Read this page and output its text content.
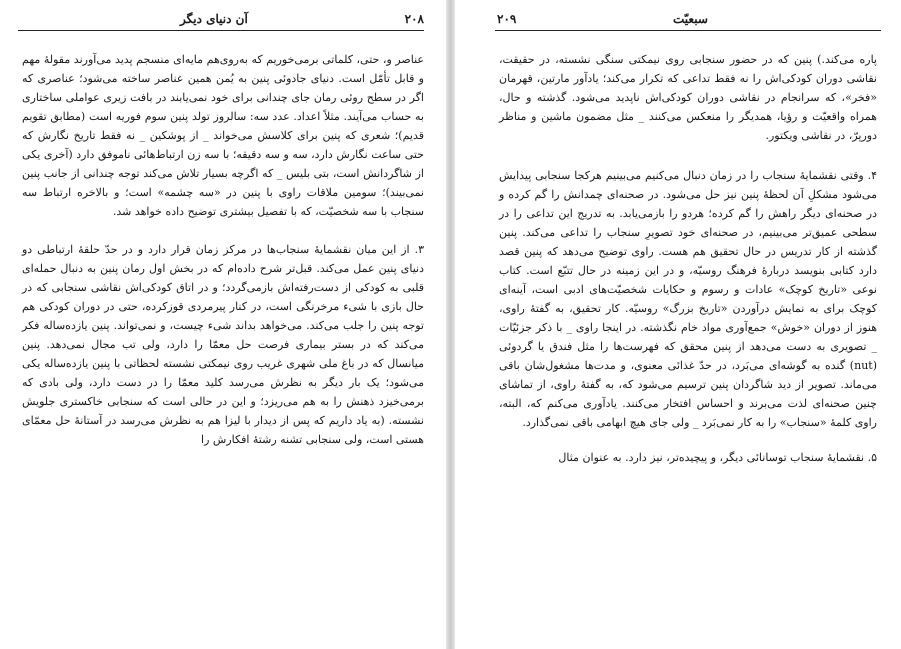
آن دنیای دیگر	۲۰۸

عناصر و، حتی، کلماتی برمی‌خوریم که به‌روی‌هم مایه‌ای منسجم پدید می‌آورند مقولهٔ مهم و قابل تأمّل است. دنیای جادوئی پنین به یُمن همین عناصر ساخته می‌شود؛ عناصری که اگر در سطح روئی رمان جای چندانی برای خود نمی‌یابند در بافت زیری عواملی ساختاری به حساب می‌آیند. مثلاً اعداد. عدد سه: سالروز تولد پنین سوم فوریه است (مطابق تقویم قدیم)؛ شعری که پنین برای کلاسش می‌خواند _ از پوشکین _ نه فقط تاریخ نگارش که حتی ساعت نگارش دارد، سه و سه دقیقه؛ با سه زن ارتباط‌هائی ناموفق دارد (آخری یکی از شاگردانش است، بتی بلیس _ که اگرچه بسیار تلاش می‌کند توجه چندانی از جانب پنین نمی‌بیند)؛ سومین ملاقات راوی با پنین در «سه چشمه» است؛ و بالاخره ارتباط سه سنجاب با سه شخصیّت، که با تفصیل بیشتری توضیح داده خواهد شد.

۳. از این میان نقشمایهٔ سنجاب‌ها در مرکز زمان قرار دارد و در حدّ حلقهٔ ارتباطی دو دنیای پنین عمل می‌کند. قبل‌تر شرح داده‌ام که در بخش اول رمان پنین به دنبال حمله‌ای قلبی به کودکی از دست‌رفته‌اش بازمی‌گردد؛ و در اتاق کودکی‌اش نقاشی سنجابی که در حال بازی با شیء مرخرنگی است، در کنار پیرمردی قوزکرده، حتی در دوران کودکی هم توجه پنین را جلب می‌کند. می‌خواهد بداند شیء چیست، و نمی‌تواند. پنین یازده‌ساله فکر می‌کند که در بستر بیماری فرصت حل معمّا را دارد، ولی تب مجال نمی‌دهد. پنین میانسال که در باغ ملی شهری غریب روی نیمکتی نشسته لحظاتی با پنین یازده‌ساله یکی می‌شود؛ یک بار دیگر به نظرش می‌رسد کلید معمّا را در دست دارد، ولی بادی که برمی‌خیزد ذهنش را به هم می‌ریزد؛ و این در حالی است که سنجابی خاکستری جلویش نشسته. (به یاد داریم که پس از دیدار با لیزا هم به نظرش می‌رسد در آستانهٔ حل معمّای هستی است، ولی سنجابی تشنه رشتهٔ افکارش را

سبعیّت
۲۰۹

پاره می‌کند.) پنین که در حضور سنجابی روی نیمکتی سنگی نشسته، در حقیقت، نقاشی دوران کودکی‌اش را نه فقط تداعی که تکرار می‌کند؛ یادآور مارتین، قهرمان «فخر»، که سرانجام در نقاشی دوران کودکی‌اش ناپدید می‌شود. گذشته و حال، همراه واقعیّت و رؤیا، همدیگر را منعکس می‌کنند _ مثل مضمون ماشین و مناظر دورپرّ، در نقاشی ویکتور.

۴. وقتی نقشمایهٔ سنجاب را در زمان دنبال می‌کنیم می‌بینیم هرکجا سنجابی پیدایش می‌شود مشکلِ آن لحظهٔ پنین نیز حل می‌شود. در صحنه‌ای چمدانش را گم کرده و در صحنه‌ای دیگر راهش را گم کرده؛ هردو را بازمی‌یابد. به تدریج این تداعی را در سطحی عمیق‌تر می‌بینیم، در صحنه‌ای خود تصویرِ سنجاب را تداعی می‌کند. پنین گذشته از کار تدریس در حال تحقیق هم هست. راوی توضیح می‌دهد که پنین قصد دارد کتابی بنویسد دربارهٔ فرهنگ روسیّه، و در این زمینه در حال تتبّع است. کتاب نوعی «تاریخ کوچک» عادات و رسوم و حکایات شخصیّت‌های ادبی است، آینه‌ای کوچک برای به نمایش درآوردن «تاریخ بزرگ» روسیّه. کار تحقیق، به گفتهٔ راوی، هنوز از دوران «خوش» جمع‌آوری مواد خام نگذشته. در اینجا راوی _ با ذکر جزئیّات _ تصویری به دست می‌دهد از پنین محقق که فهرست‌ها را مثل فندق یا گردوئی (nut) گنده به گوشه‌ای می‌بَرد، در حدّ غذائی معنوی، و مدت‌ها مشغول‌شان باقی می‌ماند. تصویر از دید شاگردان پنین ترسیم می‌شود که، به گفتهٔ راوی، از تماشای چنین صحنه‌ای لذت می‌برند و احساس افتخار می‌کنند. یادآوری می‌کنم که، البته، راوی کلمهٔ «سنجاب» را به کار نمی‌بَرد _ ولی جای هیچ ابهامی باقی نمی‌گذارد.

۵. نقشمایهٔ سنجاب توسانائی دیگر، و پیچیده‌تر، نیز دارد. به عنوان مثال
